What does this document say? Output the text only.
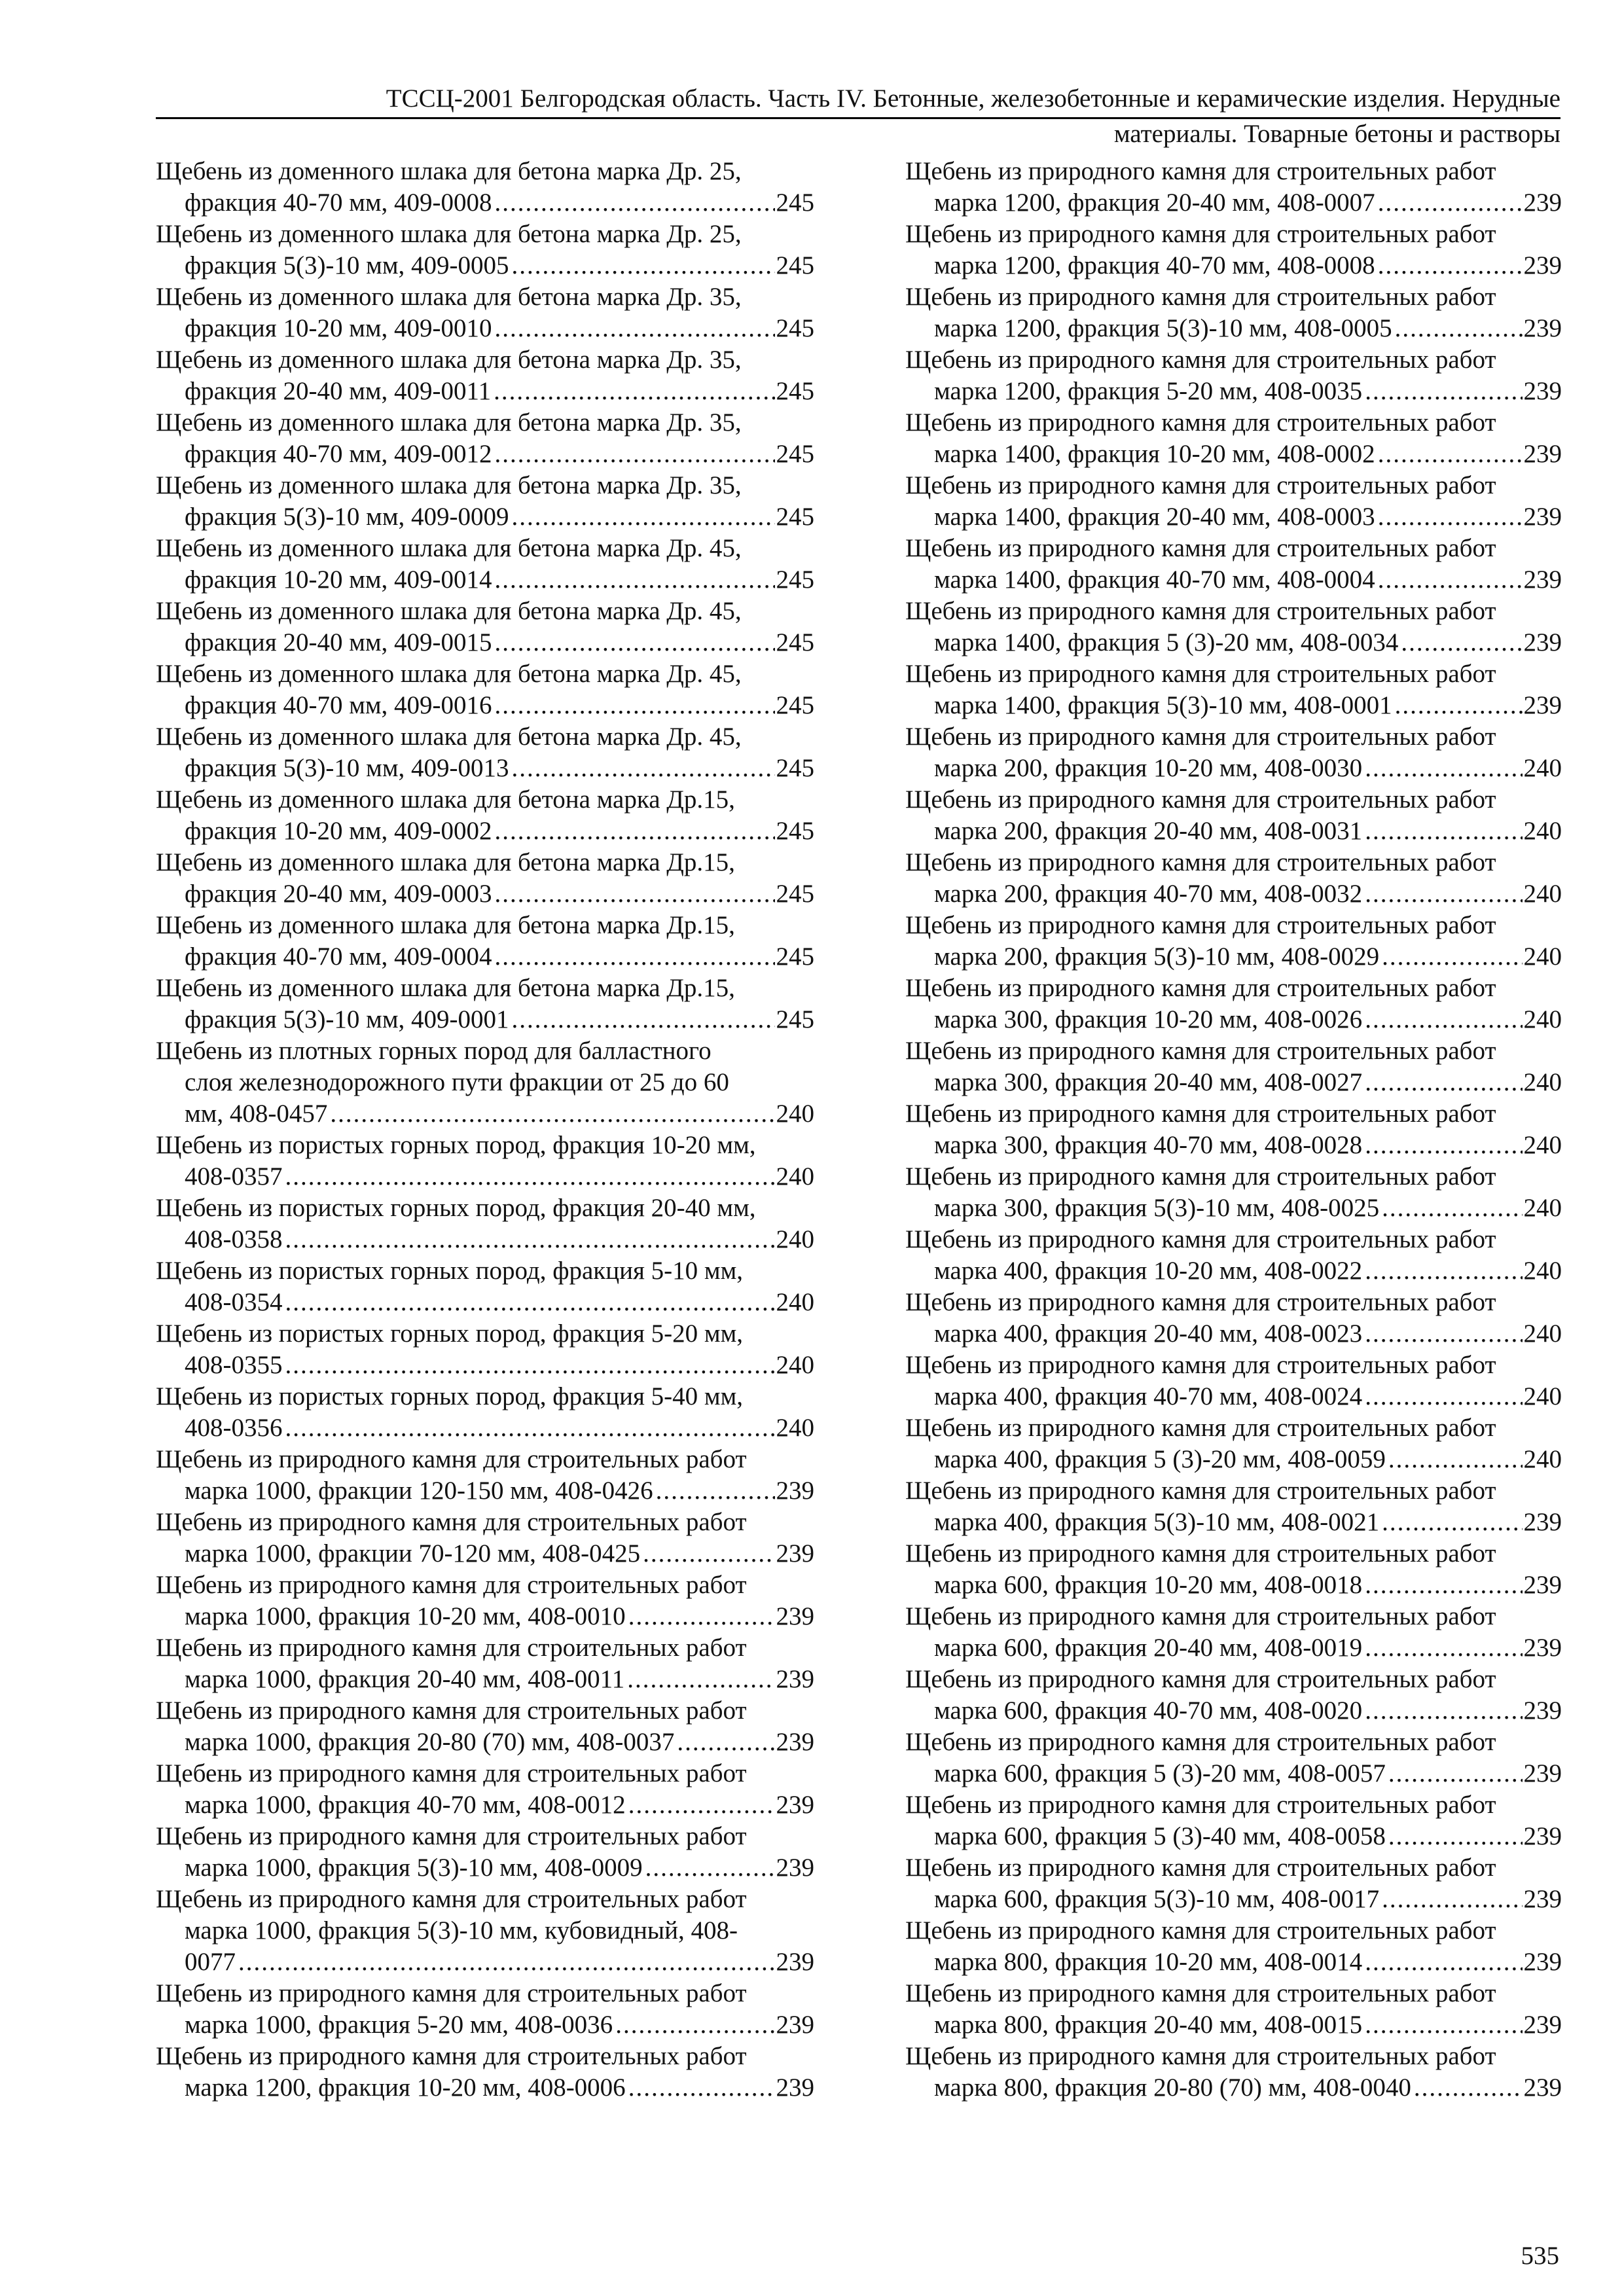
ТССЦ-2001 Белгородская область. Часть IV. Бетонные, железобетонные и керамические изделия. Нерудные
материалы. Товарные бетоны и растворы
Щебень из доменного шлака для бетона марка Др. 25,
фракция 40-70 мм, 409-0008 .....	245
Щебень из доменного шлака для бетона марка Др. 25,
фракция 5(3)-10 мм, 409-0005 .....	245
Щебень из доменного шлака для бетона марка Др. 35,
фракция 10-20 мм, 409-0010 .....	245
Щебень из доменного шлака для бетона марка Др. 35,
фракция 20-40 мм, 409-0011 .....	245
Щебень из доменного шлака для бетона марка Др. 35,
фракция 40-70 мм, 409-0012 .....	245
Щебень из доменного шлака для бетона марка Др. 35,
фракция 5(3)-10 мм, 409-0009 .....	245
Щебень из доменного шлака для бетона марка Др. 45,
фракция 10-20 мм, 409-0014 .....	245
Щебень из доменного шлака для бетона марка Др. 45,
фракция 20-40 мм, 409-0015 .....	245
Щебень из доменного шлака для бетона марка Др. 45,
фракция 40-70 мм, 409-0016 .....	245
Щебень из доменного шлака для бетона марка Др. 45,
фракция 5(3)-10 мм, 409-0013 .....	245
Щебень из доменного шлака для бетона марка Др.15,
фракция 10-20 мм, 409-0002 .....	245
Щебень из доменного шлака для бетона марка Др.15,
фракция 20-40 мм, 409-0003 .....	245
Щебень из доменного шлака для бетона марка Др.15,
фракция 40-70 мм, 409-0004 .....	245
Щебень из доменного шлака для бетона марка Др.15,
фракция 5(3)-10 мм, 409-0001 .....	245
Щебень из плотных горных пород для балластного
слоя железнодорожного пути фракции от 25 до 60
мм, 408-0457 .....	240
Щебень из пористых горных пород, фракция 10-20 мм,
408-0357 .....	240
Щебень из пористых горных пород, фракция 20-40 мм,
408-0358 .....	240
Щебень из пористых горных пород, фракция 5-10 мм,
408-0354 .....	240
Щебень из пористых горных пород, фракция 5-20 мм,
408-0355 .....	240
Щебень из пористых горных пород, фракция 5-40 мм,
408-0356 .....	240
Щебень из природного камня для строительных работ
марка 1000, фракции 120-150 мм, 408-0426 .....	239
Щебень из природного камня для строительных работ
марка 1000, фракции 70-120 мм, 408-0425 .....	239
Щебень из природного камня для строительных работ
марка 1000, фракция 10-20 мм, 408-0010 .....	239
Щебень из природного камня для строительных работ
марка 1000, фракция 20-40 мм, 408-0011 .....	239
Щебень из природного камня для строительных работ
марка 1000, фракция 20-80 (70) мм, 408-0037 .....	239
Щебень из природного камня для строительных работ
марка 1000, фракция 40-70 мм, 408-0012 .....	239
Щебень из природного камня для строительных работ
марка 1000, фракция 5(3)-10 мм, 408-0009 .....	239
Щебень из природного камня для строительных работ
марка 1000, фракция 5(3)-10 мм, кубовидный, 408-
0077 .....	239
Щебень из природного камня для строительных работ
марка 1000, фракция 5-20 мм, 408-0036 .....	239
Щебень из природного камня для строительных работ
марка 1200, фракция 10-20 мм, 408-0006 .....	239
Щебень из природного камня для строительных работ
марка 1200, фракция 20-40 мм, 408-0007 .....	239
Щебень из природного камня для строительных работ
марка 1200, фракция 40-70 мм, 408-0008 .....	239
Щебень из природного камня для строительных работ
марка 1200, фракция 5(3)-10 мм, 408-0005 .....	239
Щебень из природного камня для строительных работ
марка 1200, фракция 5-20 мм, 408-0035 .....	239
Щебень из природного камня для строительных работ
марка 1400, фракция 10-20 мм, 408-0002 .....	239
Щебень из природного камня для строительных работ
марка 1400, фракция 20-40 мм, 408-0003 .....	239
Щебень из природного камня для строительных работ
марка 1400, фракция 40-70 мм, 408-0004 .....	239
Щебень из природного камня для строительных работ
марка 1400, фракция 5 (3)-20 мм, 408-0034 .....	239
Щебень из природного камня для строительных работ
марка 1400, фракция 5(3)-10 мм, 408-0001 .....	239
Щебень из природного камня для строительных работ
марка 200, фракция 10-20 мм, 408-0030 .....	240
Щебень из природного камня для строительных работ
марка 200, фракция 20-40 мм, 408-0031 .....	240
Щебень из природного камня для строительных работ
марка 200, фракция 40-70 мм, 408-0032 .....	240
Щебень из природного камня для строительных работ
марка 200, фракция 5(3)-10 мм, 408-0029 .....	240
Щебень из природного камня для строительных работ
марка 300, фракция 10-20 мм, 408-0026 .....	240
Щебень из природного камня для строительных работ
марка 300, фракция 20-40 мм, 408-0027 .....	240
Щебень из природного камня для строительных работ
марка 300, фракция 40-70 мм, 408-0028 .....	240
Щебень из природного камня для строительных работ
марка 300, фракция 5(3)-10 мм, 408-0025 .....	240
Щебень из природного камня для строительных работ
марка 400, фракция 10-20 мм, 408-0022 .....	240
Щебень из природного камня для строительных работ
марка 400, фракция 20-40 мм, 408-0023 .....	240
Щебень из природного камня для строительных работ
марка 400, фракция 40-70 мм, 408-0024 .....	240
Щебень из природного камня для строительных работ
марка 400, фракция 5 (3)-20 мм, 408-0059 .....	240
Щебень из природного камня для строительных работ
марка 400, фракция 5(3)-10 мм, 408-0021 .....	239
Щебень из природного камня для строительных работ
марка 600, фракция 10-20 мм, 408-0018 .....	239
Щебень из природного камня для строительных работ
марка 600, фракция 20-40 мм, 408-0019 .....	239
Щебень из природного камня для строительных работ
марка 600, фракция 40-70 мм, 408-0020 .....	239
Щебень из природного камня для строительных работ
марка 600, фракция 5 (3)-20 мм, 408-0057 .....	239
Щебень из природного камня для строительных работ
марка 600, фракция 5 (3)-40 мм, 408-0058 .....	239
Щебень из природного камня для строительных работ
марка 600, фракция 5(3)-10 мм, 408-0017 .....	239
Щебень из природного камня для строительных работ
марка 800, фракция 10-20 мм, 408-0014 .....	239
Щебень из природного камня для строительных работ
марка 800, фракция 20-40 мм, 408-0015 .....	239
Щебень из природного камня для строительных работ
марка 800, фракция 20-80 (70) мм, 408-0040 .....	239
535
